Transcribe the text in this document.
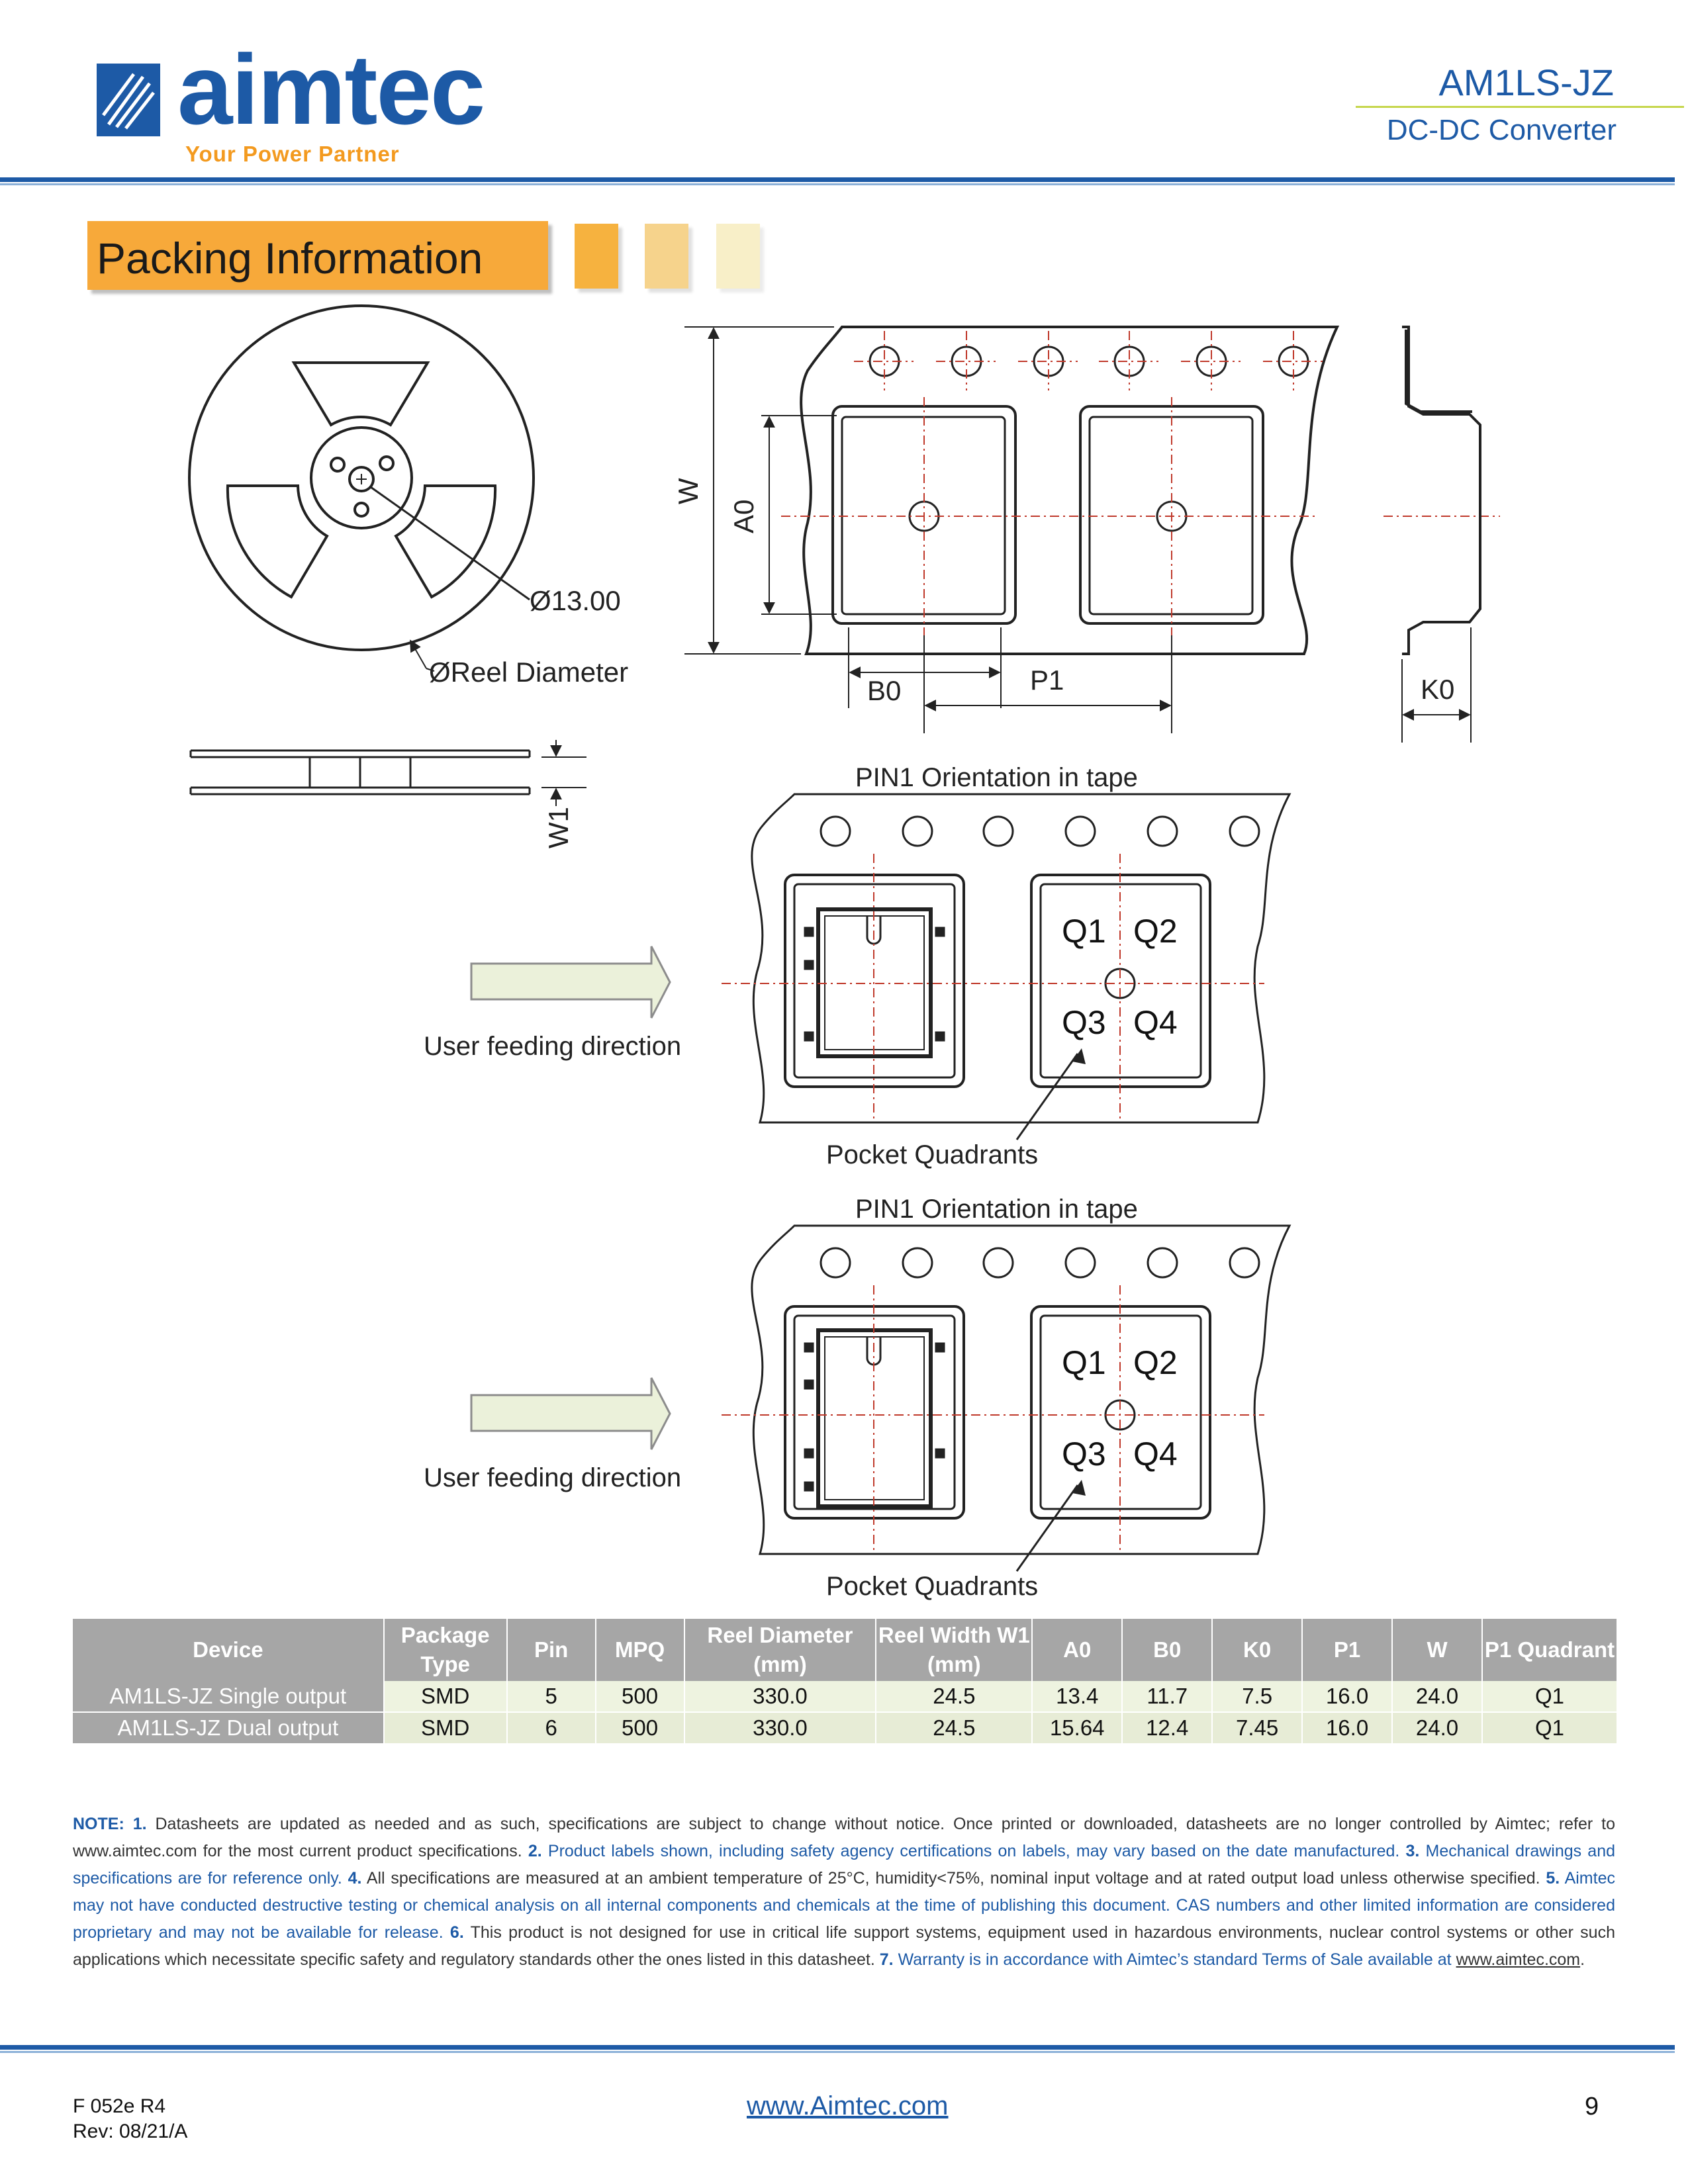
aimtec
Your Power Partner
AM1LS-JZ
DC-DC Converter
Packing Information
Ø13.00
ØReel Diameter
W1
W
A0
B0	P1	K0
PIN1 Orientation in tape
Q1 Q2
Q3 Q4
User feeding direction
Pocket Quadrants
PIN1 Orientation in tape
Q1 Q2
Q3 Q4
User feeding direction
Pocket Quadrants
Device	Package Type	Pin	MPQ	Reel Diameter (mm)	Reel Width W1 (mm)	A0	B0	K0	P1	W	P1 Quadrant
AM1LS-JZ Single output	SMD	5	500	330.0	24.5	13.4	11.7	7.5	16.0	24.0	Q1
AM1LS-JZ Dual output	SMD	6	500	330.0	24.5	15.64	12.4	7.45	16.0	24.0	Q1
NOTE: 1. Datasheets are updated as needed and as such, specifications are subject to change without notice. Once printed or downloaded, datasheets are no longer controlled by Aimtec; refer to www.aimtec.com for the most current product specifications. 2. Product labels shown, including safety agency certifications on labels, may vary based on the date manufactured. 3. Mechanical drawings and specifications are for reference only. 4. All specifications are measured at an ambient temperature of 25°C, humidity<75%, nominal input voltage and at rated output load unless otherwise specified. 5. Aimtec may not have conducted destructive testing or chemical analysis on all internal components and chemicals at the time of publishing this document. CAS numbers and other limited information are considered proprietary and may not be available for release. 6. This product is not designed for use in critical life support systems, equipment used in hazardous environments, nuclear control systems or other such applications which necessitate specific safety and regulatory standards other the ones listed in this datasheet. 7. Warranty is in accordance with Aimtec’s standard Terms of Sale available at www.aimtec.com.
F 052e R4
Rev: 08/21/A
www.Aimtec.com	9
